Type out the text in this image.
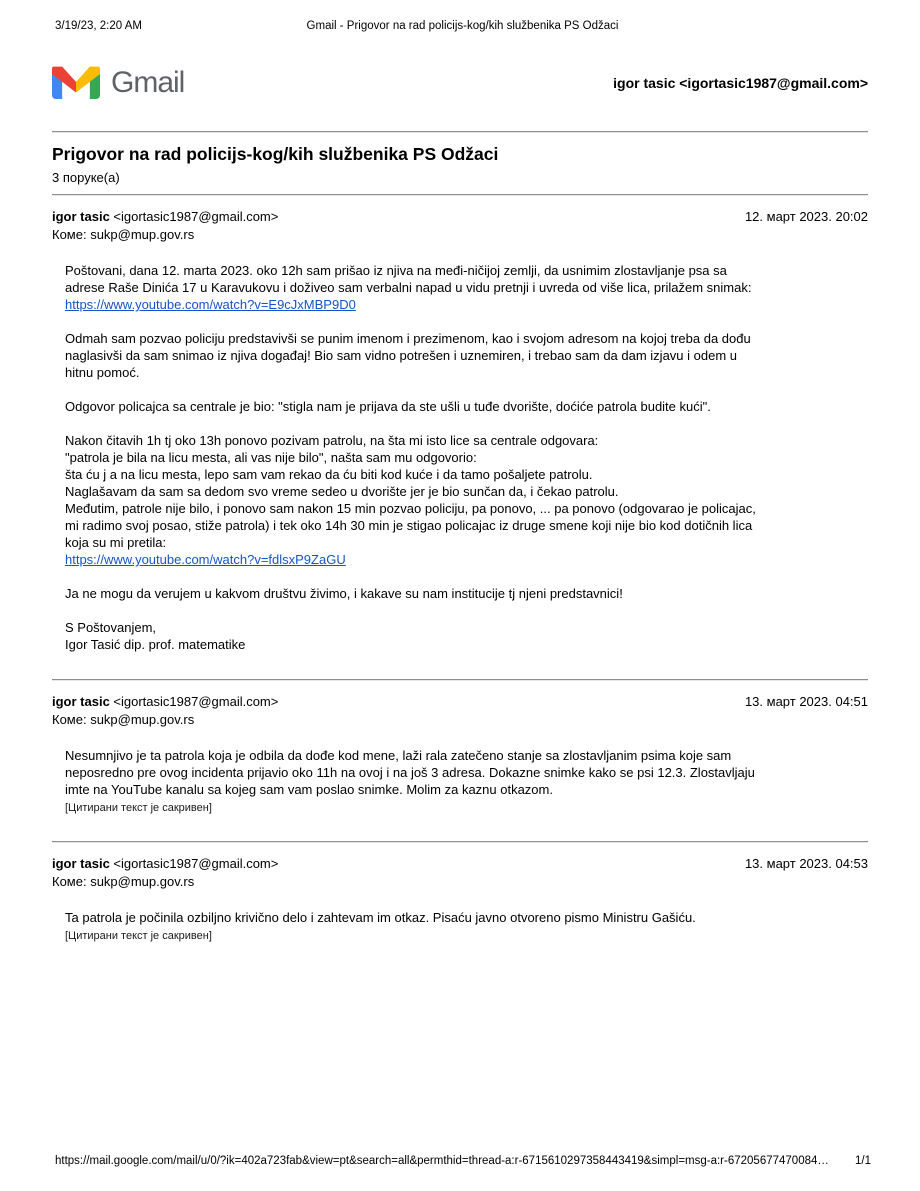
3/19/23, 2:20 AM	Gmail - Prigovor na rad policijs-kog/kih službenika PS Odžaci
Gmail	igor tasic <igortasic1987@gmail.com>
Prigovor na rad policijs-kog/kih službenika PS Odžaci
3 поруке(а)
igor tasic <igortasic1987@gmail.com>	12. март 2023. 20:02
Коме: sukp@mup.gov.rs
Poštovani, dana 12. marta 2023. oko 12h sam prišao iz njiva na međi-ničijoj zemlji, da usnimim zlostavljanje psa sa
adrese Raše Dinića 17 u Karavukovu i doživeo sam verbalni napad u vidu pretnji i uvreda od više lica, prilažem snimak:
https://www.youtube.com/watch?v=E9cJxMBP9D0

Odmah sam pozvao policiju predstavivši se punim imenom i prezimenom, kao i svojom adresom na kojoj treba da dođu
naglasivši da sam snimao iz njiva događaj! Bio sam vidno potrešen i uznemiren, i trebao sam da dam izjavu i odem u
hitnu pomoć.

Odgovor policajca sa centrale je bio: "stigla nam je prijava da ste ušli u tuđe dvorište, doćiće patrola budite kući".

Nakon čitavih 1h tj oko 13h ponovo pozivam patrolu, na šta mi isto lice sa centrale odgovara:
"patrola je bila na licu mesta, ali vas nije bilo", našta sam mu odgovorio:
šta ću j a na licu mesta, lepo sam vam rekao da ću biti kod kuće i da tamo pošaljete patrolu.
Naglašavam da sam sa dedom svo vreme sedeo u dvorište jer je bio sunčan da, i čekao patrolu.
Međutim, patrole nije bilo, i ponovo sam nakon 15 min pozvao policiju, pa ponovo, ... pa ponovo (odgovarao je policajac,
mi radimo svoj posao, stiže patrola) i tek oko 14h 30 min je stigao policajac iz druge smene koji nije bio kod dotičnih lica
koja su mi pretila:
https://www.youtube.com/watch?v=fdlsxP9ZaGU

Ja ne mogu da verujem u kakvom društvu živimo, i kakave su nam institucije tj njeni predstavnici!

S Poštovanjem,
Igor Tasić dip. prof. matematike
igor tasic <igortasic1987@gmail.com>	13. март 2023. 04:51
Коме: sukp@mup.gov.rs
Nesumnjivo je ta patrola koja je odbila da dođe kod mene, laži rala zatečeno stanje sa zlostavljanim psima koje sam
neposredno pre ovog incidenta prijavio oko 11h na ovoj i na još 3 adresa. Dokazne snimke kako se psi 12.3. Zlostavljaju
imte na YouTube kanalu sa kojeg sam vam poslao snimke. Molim za kaznu otkazom.
[Цитирани текст је сакривен]
igor tasic <igortasic1987@gmail.com>	13. март 2023. 04:53
Коме: sukp@mup.gov.rs
Ta patrola je počinila ozbiljno krivično delo i zahtevam im otkaz. Pisaću javno otvoreno pismo Ministru Gašiću.
[Цитирани текст је сакривен]
https://mail.google.com/mail/u/0/?ik=402a723fab&view=pt&search=all&permthid=thread-a:r-6715610297358443419&simpl=msg-a:r-67205677470084… 1/1
